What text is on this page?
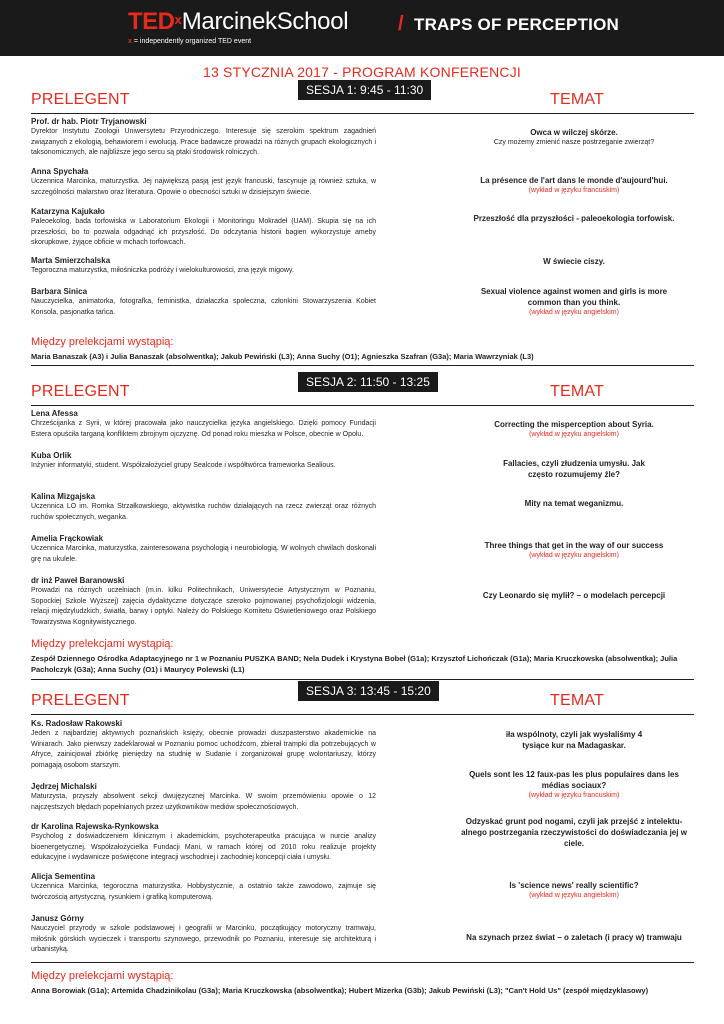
TED$^x$MarcinekSchool
x = independently organized TED event
/ TRAPS OF PERCEPTION
13 STYCZNIA 2017 - PROGRAM KONFERENCJI
PRELEGENT
SESJA 1: 9:45 - 11:30
TEMAT
Prof. dr hab. Piotr Tryjanowski
Dyrektor Instytutu Zoologii Uniwersytetu Przyrodniczego. Interesuje się szerokim spektrum zagadnień związanych z ekologią, behawiorem i ewolucją. Prace badawcze prowadzi na różnych grupach ekologicznych i taksonomicznych, ale najbliższe jego sercu są ptaki środowisk rolniczych.
Anna Spychała
Uczennica Marcinka, maturzystka. Jej największą pasją jest język francuski, fascynuje ją również sztuka, w szczególności malarstwo oraz literatura. Opowie o obecności sztuki w dzisiejszym świecie.
Katarzyna Kajukało
Paleoekolog, bada torfowiska w Laboratorium Ekologii i Monitoringu Mokradeł (UAM). Skupia się na ich przeszłości, bo to pozwala odgadnąć ich przyszłość. Do odczytania historii bagien wykorzystuje ameby skorupkowe, żyjące obficie w mchach torfowcach.
Marta Smierzchalska
Tegoroczna maturzystka, miłośniczka podróży i wielokulturowości, zna język migowy.
Barbara Sinica
Nauczycielka, animatorka, fotografka, feministka, działaczka społeczna, członkini Stowarzyszenia Kobiet Konsola, pasjonatka tańca.
Owca w wilczej skórze.
Czy możemy zmienić nasze postrzeganie zwierząt?
La présence de l'art dans le monde d'aujourd'hui.
(wykład w języku francuskim)
Przeszłość dla przyszłości - paleoekologia torfowisk.
W świecie ciszy.
Sexual violence against women and girls is more common than you think.
(wykład w języku angielskim)
Między prelekcjami wystąpią:
Maria Banaszak (A3) i Julia Banaszak (absolwentka); Jakub Pewiński (L3); Anna Suchy (O1); Agnieszka Szafran (G3a); Maria Wawrzyniak (L3)
PRELEGENT
SESJA 2: 11:50 - 13:25
TEMAT
Lena Afessa
Chrześcijanka z Syrii, w której pracowała jako nauczycielka języka angielskiego. Dzięki pomocy Fundacji Estera opuściła targaną konfliktem zbrojnym ojczyznę. Od ponad roku mieszka w Polsce, obecnie w Opolu.
Kuba Orlik
Inżynier informatyki, student. Współzałożyciel grupy Sealcode i współtwórca frameworka Sealious.
Kalina Mizgajska
Uczennica LO im. Romka Strzałkowskiego, aktywistka ruchów działających na rzecz zwierząt oraz różnych ruchów społecznych, weganka.
Amelia Frąckowiak
Uczennica Marcinka, maturzystka, zainteresowana psychologią i neurobiologią. W wolnych chwilach doskonali grę na ukulele.
dr inż Paweł Baranowski
Prowadzi na różnych uczelniach (m.in. kilku Politechnikach, Uniwersytecie Artystycznym w Poznaniu, Sopockiej Szkole Wyższej) zajęcia dydaktyczne dotyczące szeroko pojmowanej psychofizjologii widzenia, relacji międzyludzkich, światła, barwy i optyki. Należy do Polskiego Komitetu Oświetleniowego oraz Polskiego Towarzystwa Kognitywistycznego.
Correcting the misperception about Syria.
(wykład w języku angielskim)
Fallacies, czyli złudzenia umysłu. Jak często rozumujemy źle?
Mity na temat weganizmu.
Three things that get in the way of our success
(wykład w języku angielskim)
Czy Leonardo się mylił? – o modelach percepcji
Między prelekcjami wystąpią:
Zespół Dziennego Ośrodka Adaptacyjnego nr 1 w Poznaniu PUSZKA BAND; Nela Dudek i Krystyna Bobeł (G1a); Krzysztof Lichończak (G1a); Maria Kruczkowska (absolwentka); Julia Pacholczyk (G3a); Anna Suchy (O1) i Maurycy Polewski (L1)
PRELEGENT
SESJA 3: 13:45 - 15:20
TEMAT
Ks. Radosław Rakowski
Jeden z najbardziej aktywnych poznańskich księży, obecnie prowadzi duszpasterstwo akademickie na Winiarach. Jako pierwszy zadeklarował w Poznaniu pomoc uchodźcom, zbierał trampki dla potrzebujących w Afryce, zainicjował zbiórkę pieniędzy na studnię w Sudanie i zorganizował grupę wolontariuszy, którzy pomagają osobom starszym.
Jędrzej Michalski
Maturzysta, przyszły absolwent sekcji dwujęzycznej Marcinka. W swoim przemówieniu opowie o 12 najczęstszych błędach popełnianych przez użytkowników mediów społecznościowych.
dr Karolina Rajewska-Rynkowska
Psycholog z doświadczeniem klinicznym i akademickim, psychoterapeutka pracująca w nurcie analizy bioenergetycznej. Współzałożycielka Fundacji Mani, w ramach której od 2010 roku realizuje projekty edukacyjne i wydawnicze poświęcone integracji wschodniej i zachodniej koncepcji ciała i umysłu.
Alicja Sementina
Uczennica Marcinka, tegoroczna maturzystka. Hobbystycznie, a ostatnio także zawodowo, zajmuje się twórczością artystyczną, rysunkiem i grafiką komputerową.
Janusz Górny
Nauczyciel przyrody w szkole podstawowej i geografii w Marcinku, początkujący motoryczny tramwaju, miłośnik górskich wycieczek i transportu szynowego, przewodnik po Poznaniu, interesuje się architekturą i urbanistyką.
iła wspólnoty, czyli jak wysłaliśmy 4 tysiące kur na Madagaskar.
Quels sont les 12 faux-pas les plus populaires dans les médias sociaux?
(wykład w języku francuskim)
Odzyskać grunt pod nogami, czyli jak przejść z intelektu-alnego postrzegania rzeczywistości do doświadczania jej w ciele.
Is 'science news' really scientific?
(wykład w języku angielskim)
Na szynach przez świat – o zaletach (i pracy w) tramwaju
Między prelekcjami wystąpią:
Anna Borowiak (G1a); Artemida Chadzinikolau (G3a); Maria Kruczkowska (absolwentka); Hubert Mizerka (G3b); Jakub Pewiński (L3); "Can't Hold Us" (zespół międzyklasowy)
